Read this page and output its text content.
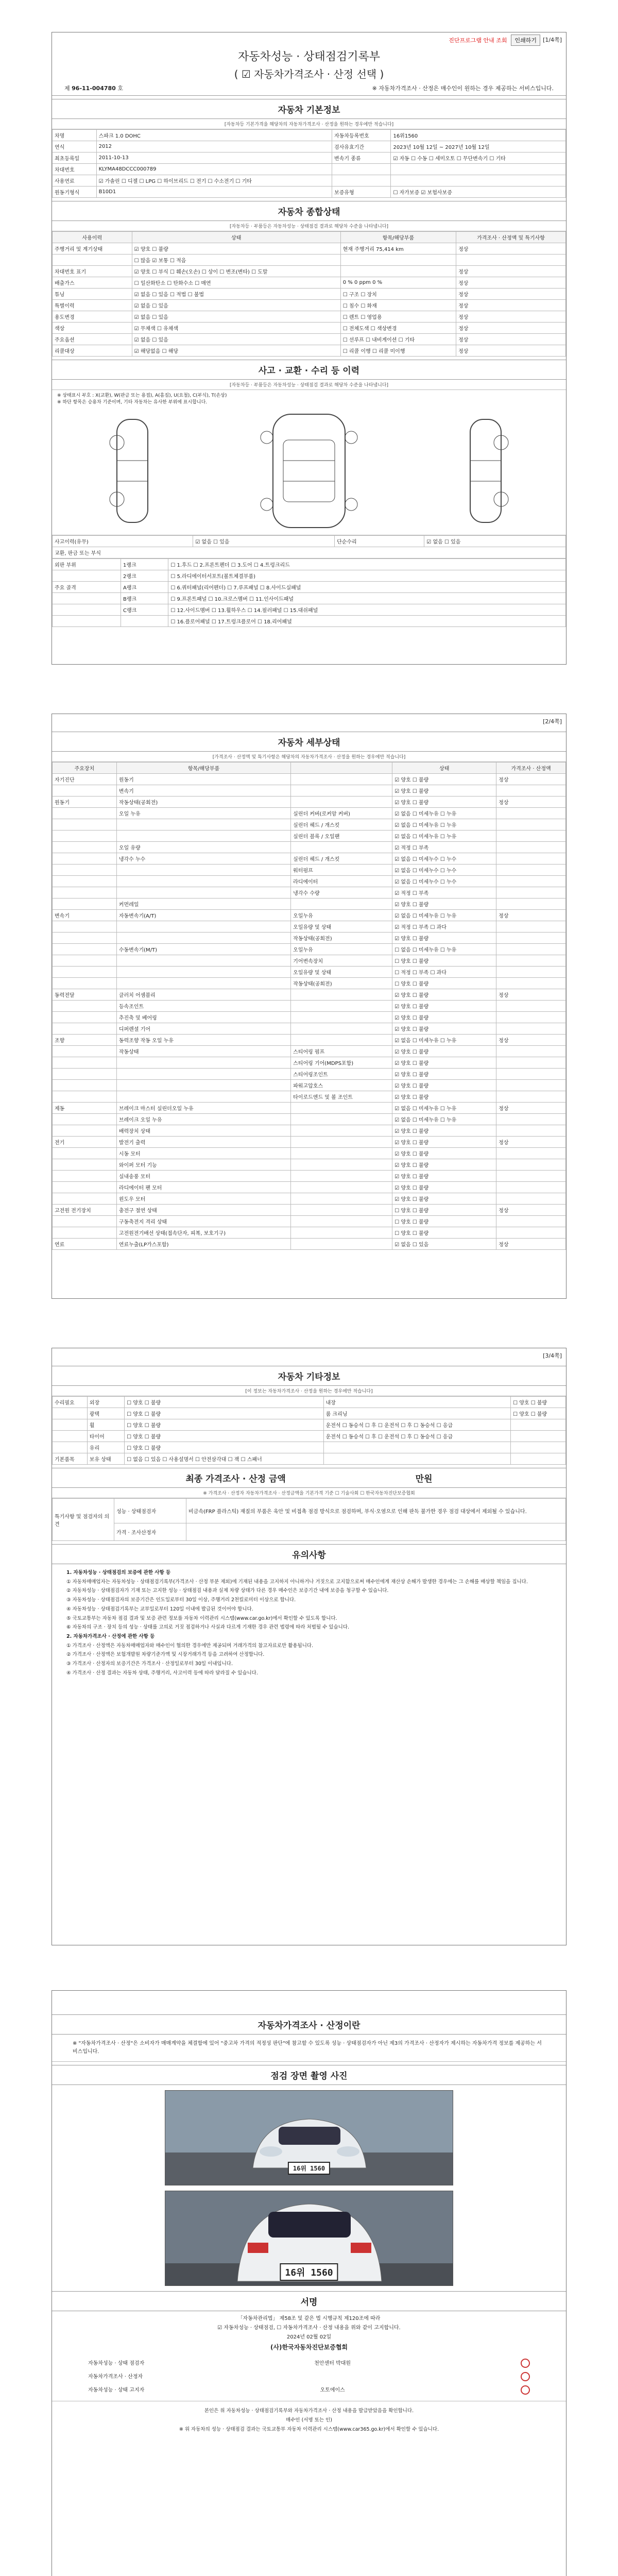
진단프로그램 안내 조회	인쇄하기	[1/4쪽]
자동차성능 · 상태점검기록부
( ☑ 자동차가격조사 · 산정 선택 )
제 96-11-004780 호	※ 자동차가격조사 · 산정은 매수인이 원하는 경우 제공하는 서비스입니다.
자동차 기본정보
[자동차등 기본가격을 해당차의 자동차가격조사 · 산정을 원하는 경우에만 적습니다]
차명	스파크 1.0 DOHC	자동차등록번호	16위1560
연식	2012	검사유효기간	2023년 10월 12일 ~ 2027년 10월 12일
최초등록일	2011-10-13	변속기 종류	☑ 자동 ☐ 수동 ☐ 세미오토 ☐ 무단변속기 ☐ 기타
차대번호	KLYMA48DCCC000789		
사용연료	☑ 가솔린 ☐ 디젤 ☐ LPG ☐ 하이브리드 ☐ 전기 ☐ 수소전기 ☐ 기타		
원동기형식	B10D1	보증유형	☐ 자가보증 ☑ 보험사보증
자동차 종합상태
[자동차등 · 부품등은 자동차성능 · 상태점검 결과로 해당차 수준을 나타냅니다]
사용이력	상태	항목/해당부품	가격조사 · 산정액 및 특기사항
주행거리 및 계기상태	☑ 양호 ☐ 불량	현재 주행거리 75,414 km	정상
	☐ 많음 ☑ 보통 ☐ 적음		
차대번호 표기	☑ 양호 ☐ 부식 ☐ 훼손(오손) ☐ 상이 ☐ 변조(변타) ☐ 도말		정상
배출가스	☐ 일산화탄소 ☐ 탄화수소 ☐ 매연	0 % 0 ppm 0 %	정상
튜닝	☑ 없음 ☐ 있음 ☐ 적법 ☐ 불법	☐ 구조 ☐ 장치	정상
특별이력	☑ 없음 ☐ 있음	☐ 침수 ☐ 화재	정상
용도변경	☑ 없음 ☐ 있음	☐ 렌트 ☐ 영업용	정상
색상	☑ 무채색 ☐ 유채색	☐ 전체도색 ☐ 색상변경	정상
주요옵션	☑ 없음 ☐ 있음	☐ 선루프 ☐ 내비게이션 ☐ 기타	정상
리콜대상	☑ 해당없음 ☐ 해당	☐ 리콜 이행 ☐ 리콜 미이행	정상
사고 · 교환 · 수리 등 이력
[자동차등 · 부품등은 자동차성능 · 상태점검 결과로 해당차 수준을 나타냅니다]
※ 상태표시 부호 : X(교환), W(판금 또는 용접), A(흠집), U(요철), C(부식), T(손상)
※ 하단 항목은 승용차 기준이며, 기타 자동차는 유사한 부위에 표시합니다.
사고이력(유무)	☑ 없음 ☐ 있음	단순수리	☑ 없음 ☐ 있음
교환, 판금 또는 부식
외판 부위	1랭크	☐ 1.후드 ☐ 2.프론트펜더 ☐ 3.도어 ☐ 4.트렁크리드
	2랭크	☐ 5.라디에이터서포트(볼트체결부품)
주요 골격	A랭크	☐ 6.쿼터패널(리어펜더) ☐ 7.루프패널 ☐ 8.사이드실패널
	B랭크	☐ 9.프론트패널 ☐ 10.크로스멤버 ☐ 11.인사이드패널
	C랭크	☐ 12.사이드멤버 ☐ 13.휠하우스 ☐ 14.필러패널 ☐ 15.대쉬패널
		☐ 16.플로어패널 ☐ 17.트렁크플로어 ☐ 18.리어패널
[2/4쪽]
자동차 세부상태
[가격조사 · 산정액 및 특기사항은 해당차의 자동차가격조사 · 산정을 원하는 경우에만 적습니다]
주요장치	항목/해당부품		상태	가격조사 · 산정액
자기진단	원동기		☑ 양호 ☐ 불량	정상
	변속기		☑ 양호 ☐ 불량	
원동기	작동상태(공회전)		☑ 양호 ☐ 불량	정상
	오일 누유	실린더 커버(로커암 커버)	☑ 없음 ☐ 미세누유 ☐ 누유	
		실린더 헤드 / 개스킷	☑ 없음 ☐ 미세누유 ☐ 누유	
		실린더 블록 / 오일팬	☑ 없음 ☐ 미세누유 ☐ 누유	
	오일 유량		☑ 적정 ☐ 부족	
	냉각수 누수	실린더 헤드 / 개스킷	☑ 없음 ☐ 미세누수 ☐ 누수	
		워터펌프	☑ 없음 ☐ 미세누수 ☐ 누수	
		라디에이터	☑ 없음 ☐ 미세누수 ☐ 누수	
		냉각수 수량	☑ 적정 ☐ 부족	
	커먼레일		☑ 양호 ☐ 불량	
변속기	자동변속기(A/T)	오일누유	☑ 없음 ☐ 미세누유 ☐ 누유	정상
		오일유량 및 상태	☑ 적정 ☐ 부족 ☐ 과다	
		작동상태(공회전)	☑ 양호 ☐ 불량	
	수동변속기(M/T)	오일누유	☐ 없음 ☐ 미세누유 ☐ 누유	
		기어변속장치	☐ 양호 ☐ 불량	
		오일유량 및 상태	☐ 적정 ☐ 부족 ☐ 과다	
		작동상태(공회전)	☐ 양호 ☐ 불량	
동력전달	클러치 어셈블리		☑ 양호 ☐ 불량	정상
	등속조인트		☑ 양호 ☐ 불량	
	추진축 및 베어링		☑ 양호 ☐ 불량	
	디퍼렌셜 기어		☑ 양호 ☐ 불량	
조향	동력조향 작동 오일 누유		☑ 없음 ☐ 미세누유 ☐ 누유	정상
	작동상태	스티어링 펌프	☑ 양호 ☐ 불량	
		스티어링 기어(MDPS포함)	☑ 양호 ☐ 불량	
		스티어링조인트	☑ 양호 ☐ 불량	
		파워고압호스	☑ 양호 ☐ 불량	
		타이로드엔드 및 볼 조인트	☑ 양호 ☐ 불량	
제동	브레이크 마스터 실린더오일 누유		☑ 없음 ☐ 미세누유 ☐ 누유	정상
	브레이크 오일 누유		☑ 없음 ☐ 미세누유 ☐ 누유	
	배력장치 상태		☑ 양호 ☐ 불량	
전기	발전기 출력		☑ 양호 ☐ 불량	정상
	시동 모터		☑ 양호 ☐ 불량	
	와이퍼 모터 기능		☑ 양호 ☐ 불량	
	실내송풍 모터		☑ 양호 ☐ 불량	
	라디에이터 팬 모터		☑ 양호 ☐ 불량	
	윈도우 모터		☑ 양호 ☐ 불량	
고전원 전기장치	충전구 절연 상태		☐ 양호 ☐ 불량	정상
	구동축전지 격리 상태		☐ 양호 ☐ 불량	
	고전원전기배선 상태(접속단자, 피복, 보호기구)		☐ 양호 ☐ 불량	
연료	연료누출(LP가스포함)		☑ 없음 ☐ 있음	정상
[3/4쪽]
자동차 기타정보
[이 정보는 자동차가격조사 · 산정을 원하는 경우에만 적습니다]
수리필요	외장	☐ 양호 ☐ 불량	내장	☐ 양호 ☐ 불량
	광택	☐ 양호 ☐ 불량	룸 크리닝	☐ 양호 ☐ 불량
	휠	☐ 양호 ☐ 불량	운전석 ☐ 동승석 ☐ 후 ☐ 운전석 ☐ 후 ☐ 동승석 ☐ 응급	
	타이어	☐ 양호 ☐ 불량	운전석 ☐ 동승석 ☐ 후 ☐ 운전석 ☐ 후 ☐ 동승석 ☐ 응급	
	유리	☐ 양호 ☐ 불량		
기본품목	보유 상태	☐ 없음 ☐ 있음 ☐ 사용설명서 ☐ 안전삼각대 ☐ 잭 ☐ 스패너		
최종 가격조사 · 산정 금액	만원
※ 가격조사 · 산정자 자동차가격조사 · 산정금액을 기본가격 기준 ☐ 기술사회 ☐ 한국자동차진단보증협회
특기사항 및 점검자의 의견	성능 · 상태점검자	비금속(FRP 플라스틱) 재질의 부품은 육안 및 비접촉 점검 방식으로 점검하며, 부식·오염으로 인해 판독 불가한 경우 점검 대상에서 제외될 수 있습니다.
	가격 · 조사산정자	
유의사항

1. 자동차성능 · 상태점검의 보증에 관한 사항 등

① 자동차매매업자는 자동차성능 · 상태점검기록부(가격조사 · 산정 부분 제외)에 기재된 내용을 고지하지 아니하거나 거짓으로 고지함으로써 매수인에게 재산상 손해가 발생한 경우에는 그 손해를 배상할 책임을 집니다.

② 자동차성능 · 상태점검자가 기재 또는 고지한 성능 · 상태점검 내용과 실제 차량 상태가 다른 경우 매수인은 보증기간 내에 보증을 청구할 수 있습니다.

③ 자동차성능 · 상태점검자의 보증기간은 인도일로부터 30일 이상, 주행거리 2천킬로미터 이상으로 합니다.

④ 자동차성능 · 상태점검기록부는 교부일로부터 120일 이내에 발급된 것이어야 합니다.

⑤ 국토교통부는 자동차 점검 결과 및 보증 관련 정보를 자동차 이력관리 시스템(www.car.go.kr)에서 확인할 수 있도록 합니다.

⑥ 자동차의 구조 · 장치 등의 성능 · 상태를 고의로 거짓 점검하거나 사실과 다르게 기재한 경우 관련 법령에 따라 처벌될 수 있습니다.

2. 자동차가격조사 · 산정에 관한 사항 등

① 가격조사 · 산정액은 자동차매매업자와 매수인이 협의한 경우에만 제공되며 거래가격의 참고자료로만 활용됩니다.

② 가격조사 · 산정액은 보험개발원 차량기준가액 및 시장거래가격 등을 고려하여 산정합니다.

③ 가격조사 · 산정자의 보증기간은 가격조사 · 산정일로부터 30일 이내입니다.

④ 가격조사 · 산정 결과는 자동차 상태, 주행거리, 사고이력 등에 따라 달라질 수 있습니다.

자동차가격조사 · 산정이란
※ "자동차가격조사 · 산정"은 소비자가 매매계약을 체결함에 있어 "중고차 가격의 적정성 판단"에 참고할 수 있도록 성능 · 상태점검자가 아닌 제3의 가격조사 · 산정자가 제시하는 자동차가격 정보를 제공하는 서비스입니다.
점검 장면 촬영 사진
16위 1560
16위 1560
서명
「자동차관리법」 제58조 및 같은 법 시행규칙 제120조에 따라
☑ 자동차성능 · 상태점검, ☐ 자동차가격조사 · 산정 내용을 위와 같이 고지합니다.
2024년 02월 02일
(사)한국자동차진단보증협회
자동차성능 · 상태 점검자	천안센터 박대원
자동차가격조사 · 산정자
자동차성능 · 상태 고지자	오토에이스
본인은 위 자동차성능 · 상태점검기록부와 자동차가격조사 · 산정 내용을 발급받았음을 확인합니다.
매수인 (서명 또는 인)
※ 위 자동차의 성능 · 상태점검 결과는 국토교통부 자동차 이력관리 시스템(www.car365.go.kr)에서 확인할 수 있습니다.
